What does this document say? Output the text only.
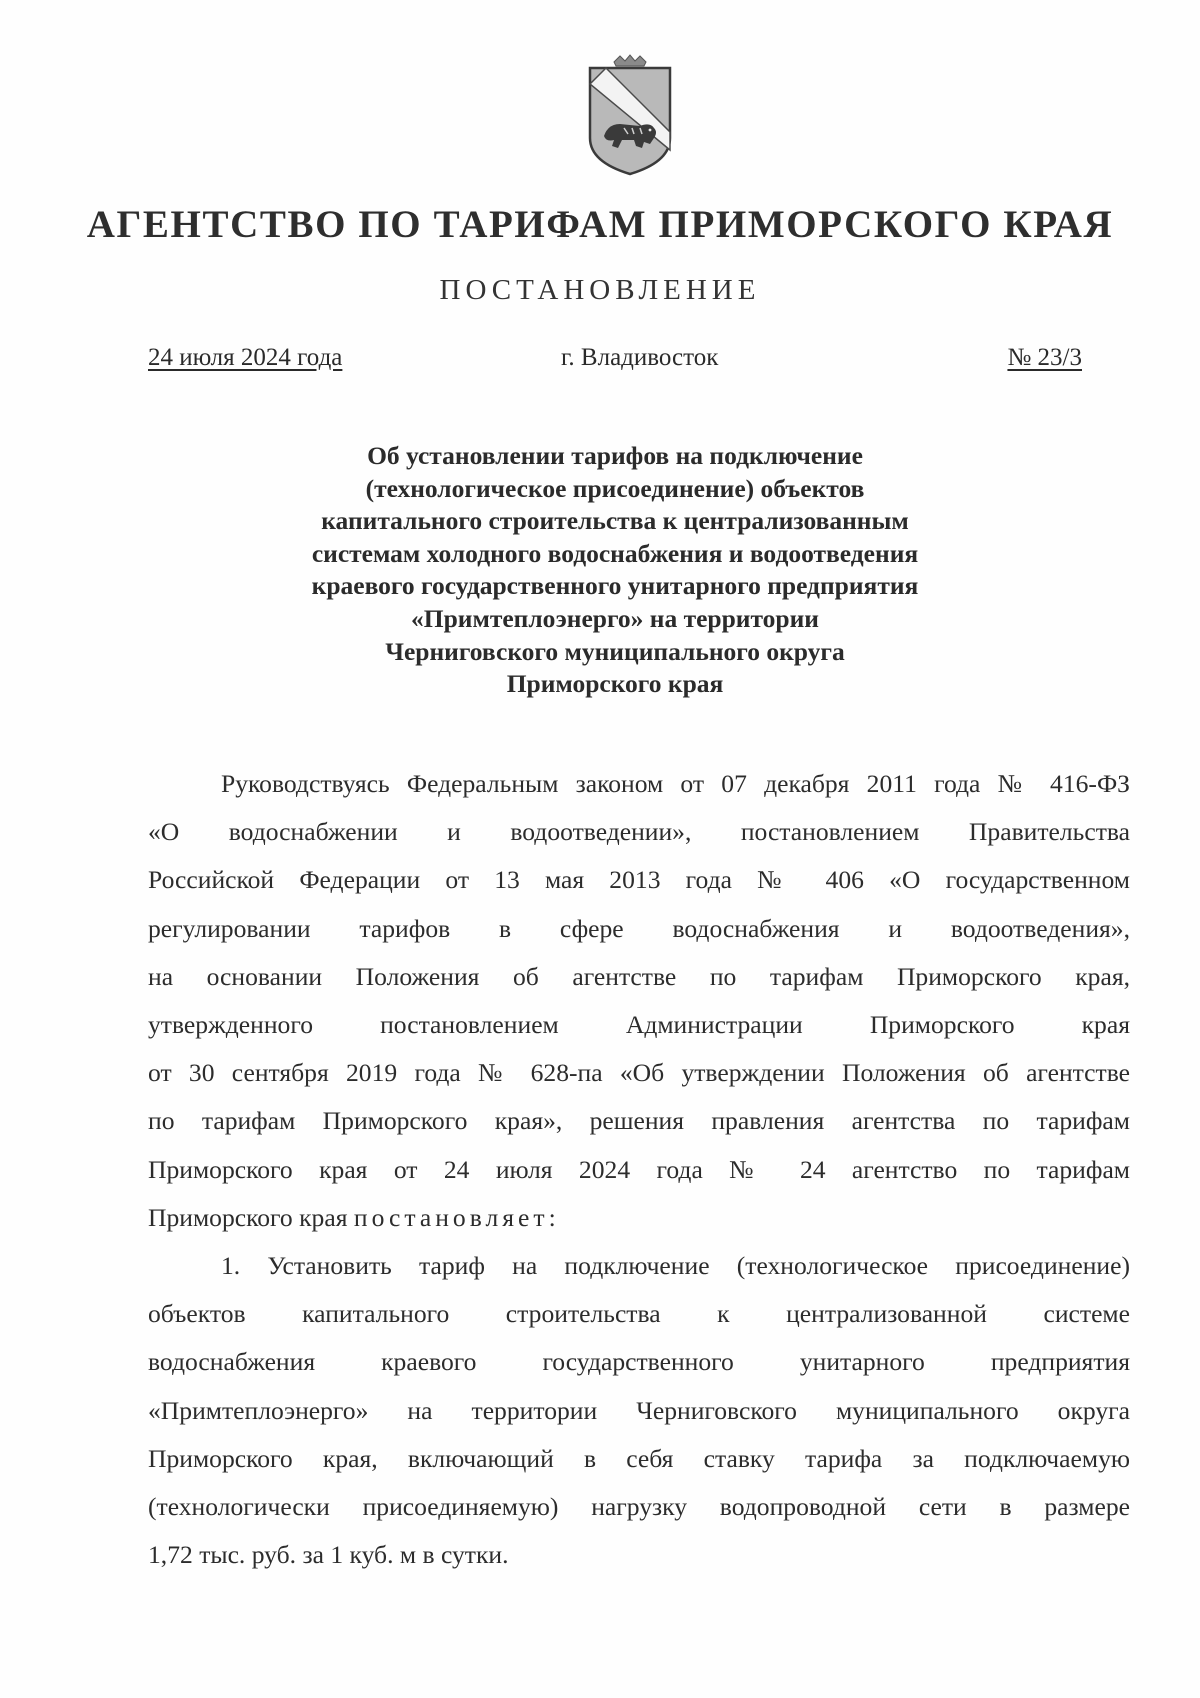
АГЕНТСТВО ПО ТАРИФАМ ПРИМОРСКОГО КРАЯ
ПОСТАНОВЛЕНИЕ
24 июля 2024 года	г. Владивосток	№ 23/3
Об установлении тарифов на подключение
(технологическое присоединение) объектов
капитального строительства к централизованным
системам холодного водоснабжения и водоотведения
краевого государственного унитарного предприятия
«Примтеплоэнерго» на территории
Черниговского муниципального округа
Приморского края
Руководствуясь Федеральным законом от 07 декабря 2011 года № 416-ФЗ
«О водоснабжении и водоотведении», постановлением Правительства
Российской Федерации от 13 мая 2013 года № 406 «О государственном
регулировании тарифов в сфере водоснабжения и водоотведения»,
на основании Положения об агентстве по тарифам Приморского края,
утвержденного постановлением Администрации Приморского края
от 30 сентября 2019 года № 628-па «Об утверждении Положения об агентстве
по тарифам Приморского края», решения правления агентства по тарифам
Приморского края от 24 июля 2024 года № 24 агентство по тарифам
Приморского края постановляет:
1. Установить тариф на подключение (технологическое присоединение)
объектов капитального строительства к централизованной системе
водоснабжения краевого государственного унитарного предприятия
«Примтеплоэнерго» на территории Черниговского муниципального округа
Приморского края, включающий в себя ставку тарифа за подключаемую
(технологически присоединяемую) нагрузку водопроводной сети в размере
1,72 тыс. руб. за 1 куб. м в сутки.
